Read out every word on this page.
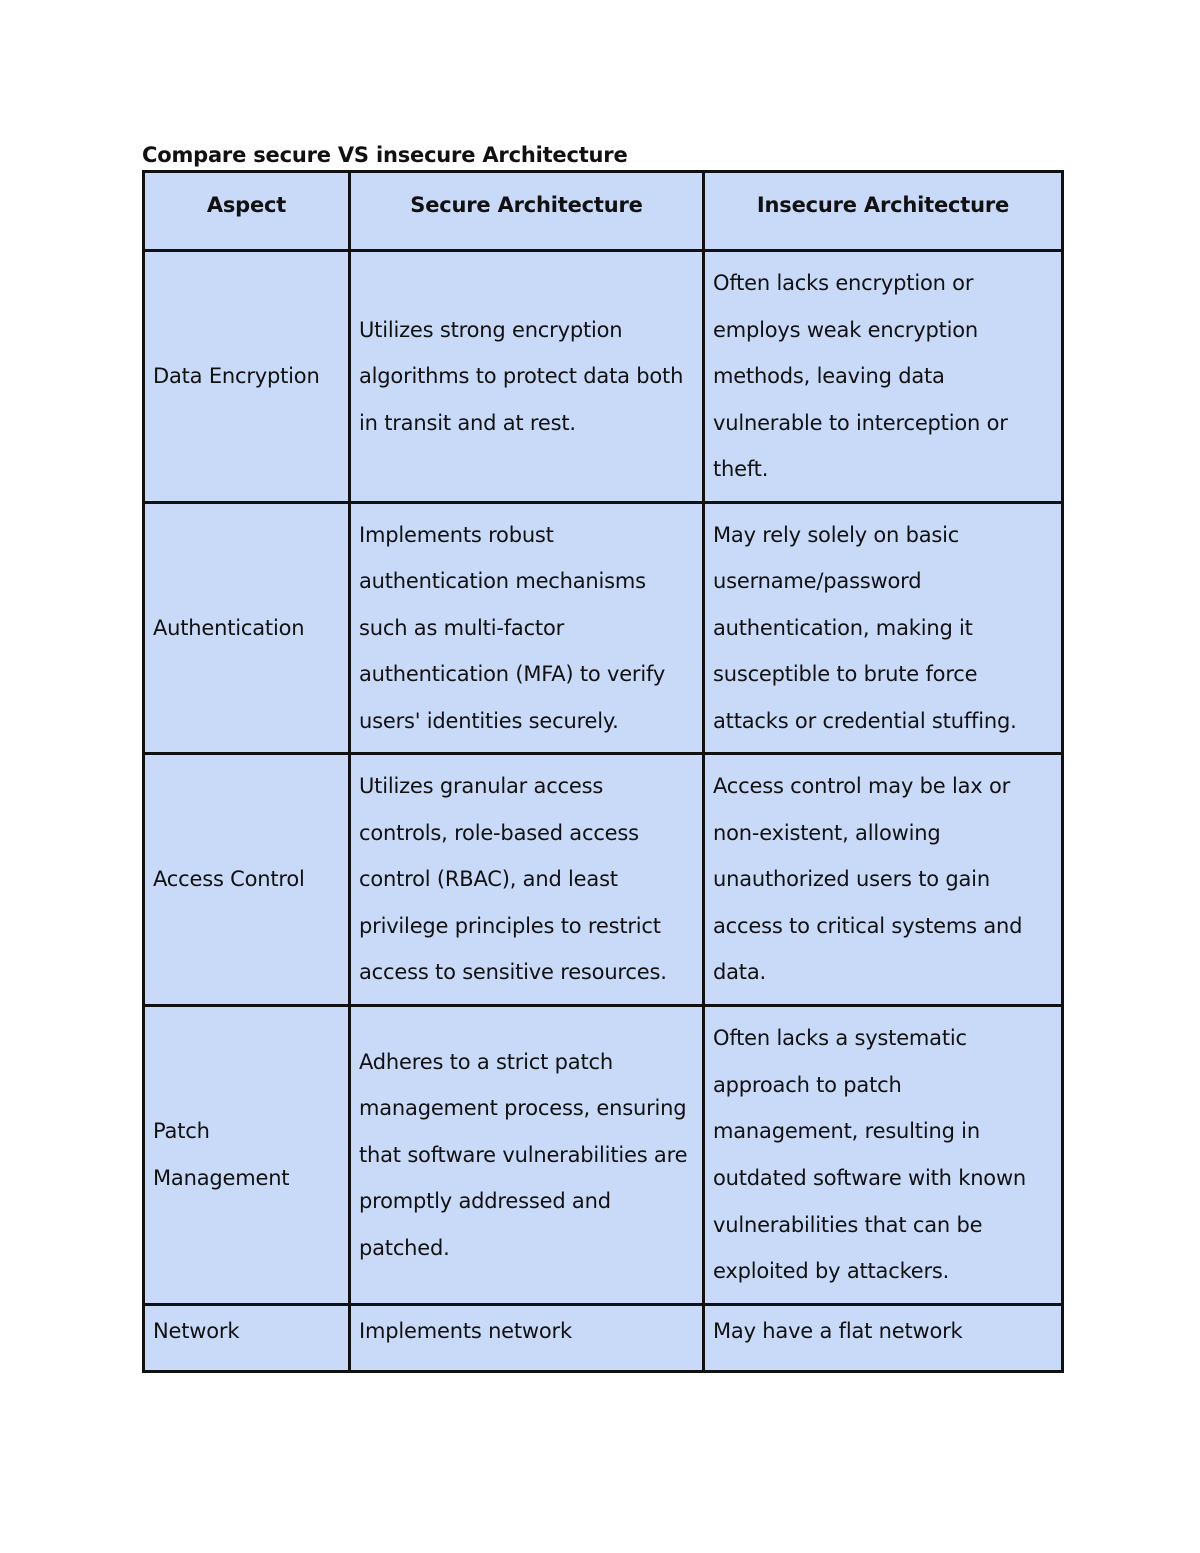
Compare secure VS insecure Architecture
Aspect	Secure Architecture	Insecure Architecture
Data Encryption	Utilizes strong encryption algorithms to protect data both in transit and at rest.	Often lacks encryption or employs weak encryption methods, leaving data vulnerable to interception or theft.
Authentication	Implements robust authentication mechanisms such as multi-factor authentication (MFA) to verify users' identities securely.	May rely solely on basic username/password authentication, making it susceptible to brute force attacks or credential stuffing.
Access Control	Utilizes granular access controls, role-based access control (RBAC), and least privilege principles to restrict access to sensitive resources.	Access control may be lax or non-existent, allowing unauthorized users to gain access to critical systems and data.
Patch Management	Adheres to a strict patch management process, ensuring that software vulnerabilities are promptly addressed and patched.	Often lacks a systematic approach to patch management, resulting in outdated software with known vulnerabilities that can be exploited by attackers.
Network	Implements network	May have a flat network
